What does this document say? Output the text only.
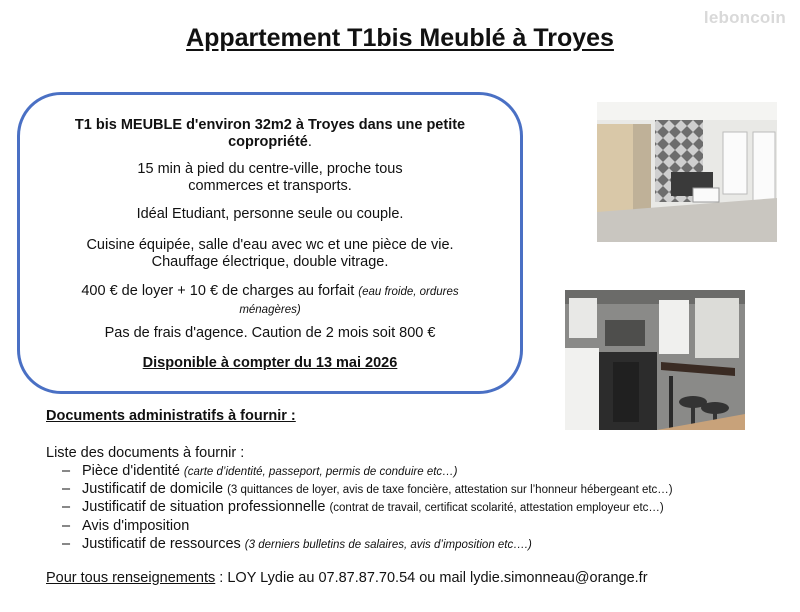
leboncoin
Appartement T1bis Meublé à Troyes

T1 bis MEUBLE d'environ 32m2 à Troyes dans une petite copropriété.

15 min à pied du centre-ville, proche tous commerces et transports.

Idéal Etudiant, personne seule ou couple.

Cuisine équipée, salle d'eau avec wc et une pièce de vie.
Chauffage électrique, double vitrage.

400 € de loyer + 10 € de charges au forfait (eau froide, ordures ménagères)

Pas de frais d'agence. Caution de 2 mois soit 800 €

Disponible à compter du 13 mai 2026

Documents administratifs à fournir :
Liste des documents à fournir :
– Pièce d'identité (carte d’identité, passeport, permis de conduire etc…)
– Justificatif de domicile (3 quittances de loyer, avis de taxe foncière, attestation sur l’honneur hébergeant etc…)
– Justificatif de situation professionnelle (contrat de travail, certificat scolarité, attestation employeur etc…)
– Avis d'imposition
– Justificatif de ressources (3 derniers bulletins de salaires, avis d’imposition etc….)
Pour tous renseignements : LOY Lydie au 07.87.87.70.54 ou mail lydie.simonneau@orange.fr
